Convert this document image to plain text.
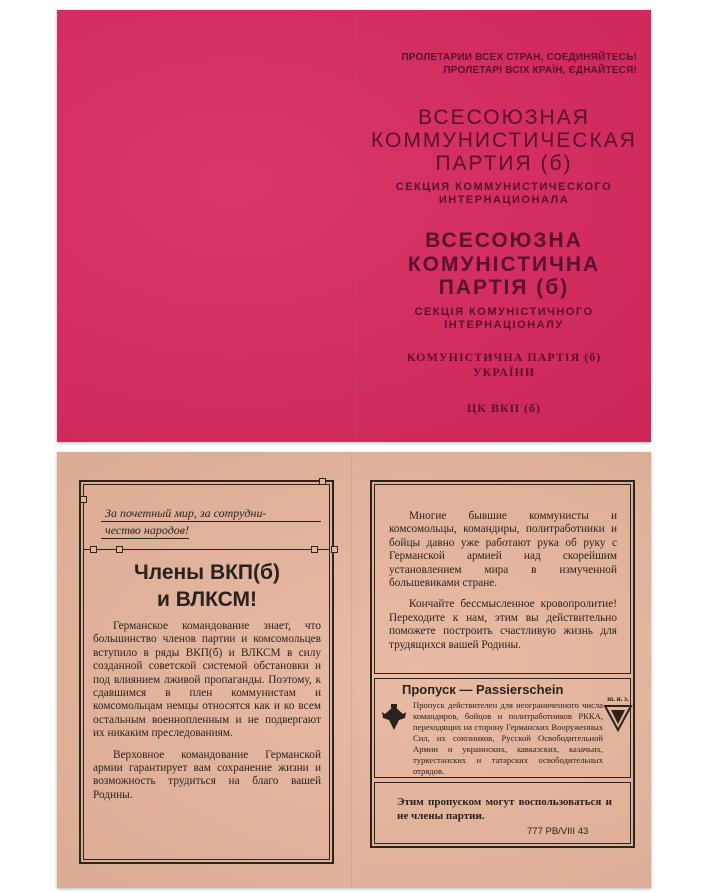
ПРОЛЕТАРИИ ВСЕХ СТРАН, СОЕДИНЯЙТЕСЬ!
ПРОЛЕТАРІ ВСІХ КРАЇН, ЄДНАЙТЕСЯ!
ВСЕСОЮЗНАЯ
КОММУНИСТИЧЕСКАЯ
ПАРТИЯ (б)
СЕКЦИЯ КОММУНИСТИЧЕСКОГО
ИНТЕРНАЦИОНАЛА
ВСЕСОЮЗНА
КОМУНІСТИЧНА
ПАРТІЯ (б)
СЕКЦІЯ КОМУНІСТИЧНОГО
ІНТЕРНАЦІОНАЛУ
КОМУНІСТИЧНА ПАРТІЯ (б)
УКРАЇНИ
ЦК ВКП (б)
За почетный мир, за сотрудни-
чество народов!
Члены ВКП(б)
и ВЛКСМ!
Германское командование знает, что большинство членов партии и комсомольцев вступило в ряды ВКП(б) и ВЛКСМ в силу созданной советской системой обстановки и под влиянием лживой пропаганды. Поэтому, к сдавшимся в плен коммунистам и комсомольцам немцы относятся как и ко всем остальным военнопленным и не подвергают их никаким преследованиям.
Верховное командование Германской армии гарантирует вам сохранение жизни и возможность трудиться на благо вашей Родины.
Многие бывшие коммунисты и комсомольцы, командиры, политработники и бойцы давно уже работают рука об руку с Германской армией над скорейшим установлением мира в измученной большевиками стране.
Кончайте бессмысленное кровопролитие! Переходите к нам, этим вы действительно поможете построить счастливую жизнь для трудящихся вашей Родины.
Пропуск — Passierschein
ш. н. з.
Пропуск действителен для неограниченного числа командиров, бойцов и политработников РККА, переходящих на сторону Германских Вооруженных Сил, их союзников, Русской Освободительной Армии и украинских, кавказских, казачьих, туркестанских и татарских освободительных отрядов.
Этим пропуском могут воспользоваться и не члены партии.
777 РВ/VIII 43
